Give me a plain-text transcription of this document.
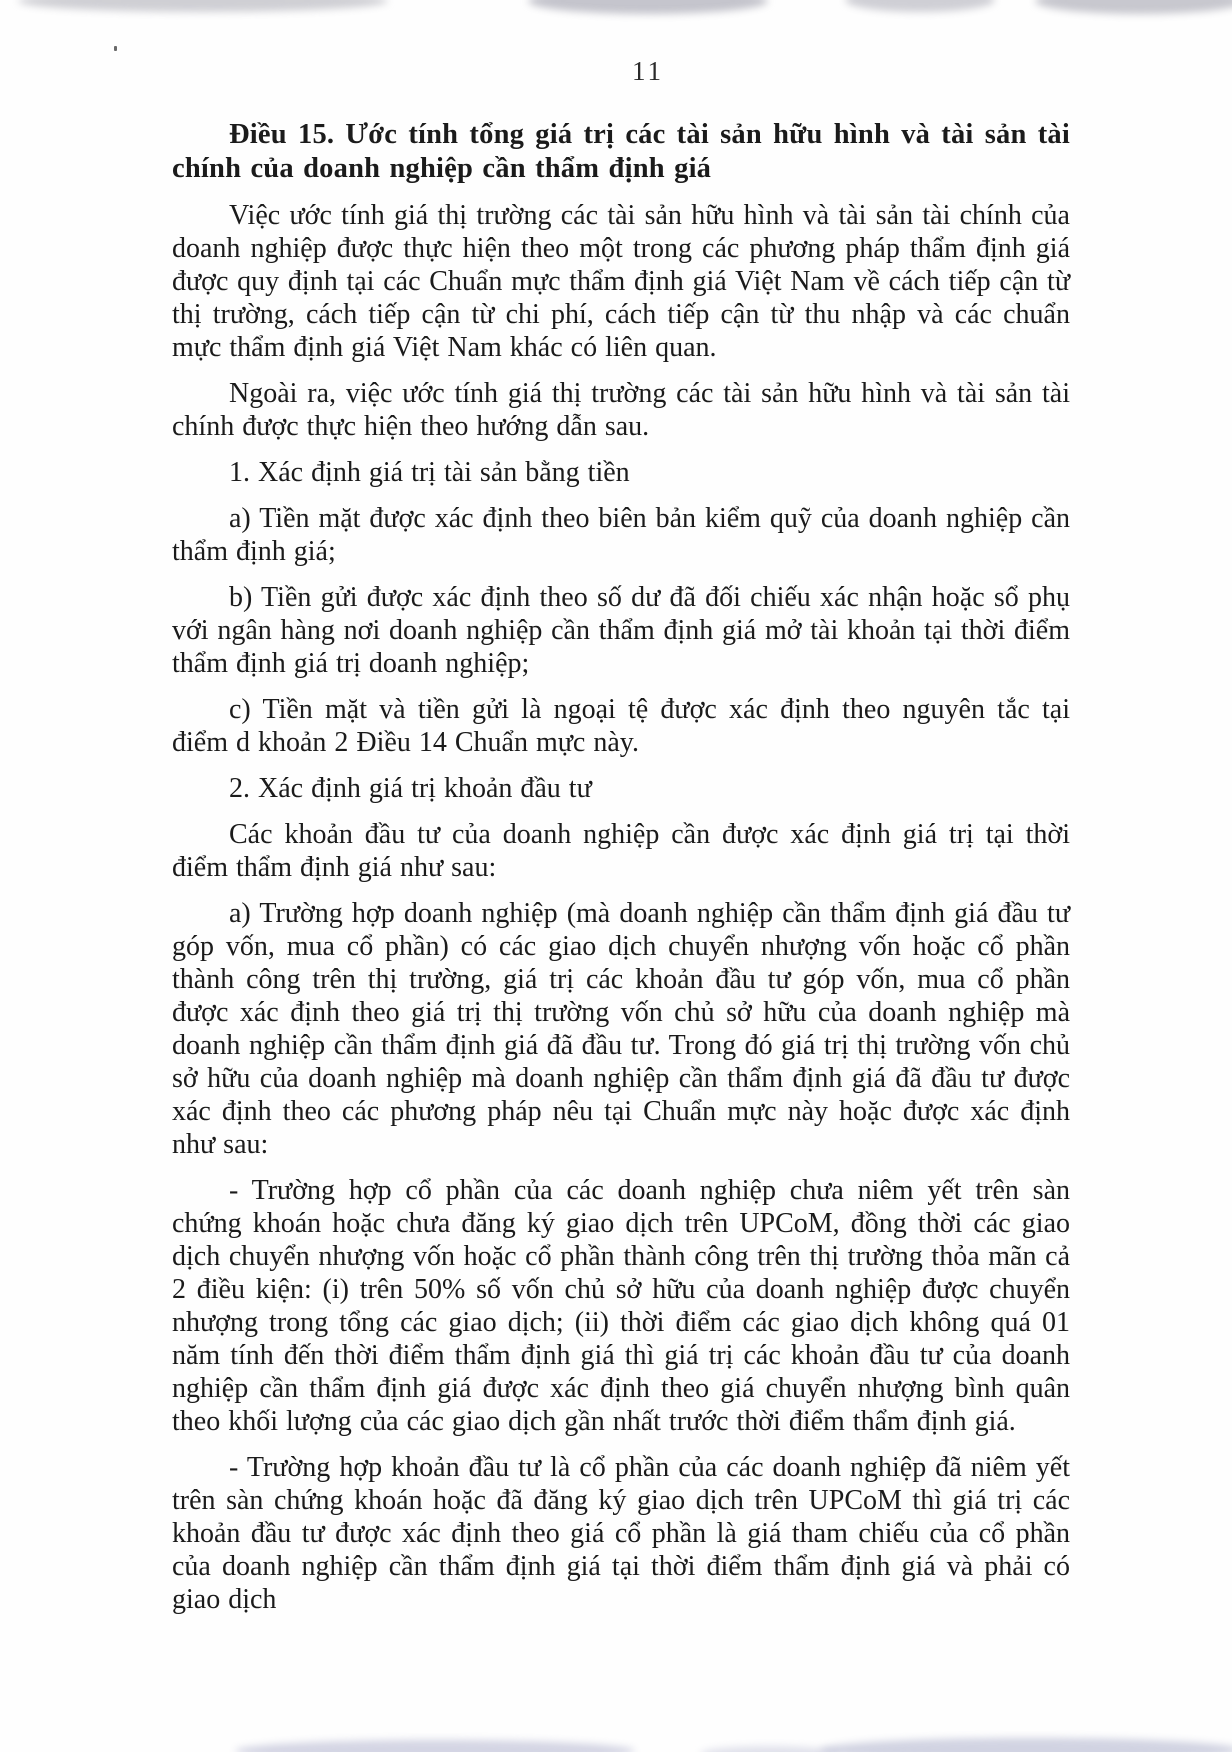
11
Điều 15. Ước tính tổng giá trị các tài sản hữu hình và tài sản tài chính của doanh nghiệp cần thẩm định giá

Việc ước tính giá thị trường các tài sản hữu hình và tài sản tài chính của doanh nghiệp được thực hiện theo một trong các phương pháp thẩm định giá được quy định tại các Chuẩn mực thẩm định giá Việt Nam về cách tiếp cận từ thị trường, cách tiếp cận từ chi phí, cách tiếp cận từ thu nhập và các chuẩn mực thẩm định giá Việt Nam khác có liên quan.

Ngoài ra, việc ước tính giá thị trường các tài sản hữu hình và tài sản tài chính được thực hiện theo hướng dẫn sau.

1. Xác định giá trị tài sản bằng tiền

a) Tiền mặt được xác định theo biên bản kiểm quỹ của doanh nghiệp cần thẩm định giá;

b) Tiền gửi được xác định theo số dư đã đối chiếu xác nhận hoặc sổ phụ với ngân hàng nơi doanh nghiệp cần thẩm định giá mở tài khoản tại thời điểm thẩm định giá trị doanh nghiệp;

c) Tiền mặt và tiền gửi là ngoại tệ được xác định theo nguyên tắc tại điểm d khoản 2 Điều 14 Chuẩn mực này.

2. Xác định giá trị khoản đầu tư

Các khoản đầu tư của doanh nghiệp cần được xác định giá trị tại thời điểm thẩm định giá như sau:

a) Trường hợp doanh nghiệp (mà doanh nghiệp cần thẩm định giá đầu tư góp vốn, mua cổ phần) có các giao dịch chuyển nhượng vốn hoặc cổ phần thành công trên thị trường, giá trị các khoản đầu tư góp vốn, mua cổ phần được xác định theo giá trị thị trường vốn chủ sở hữu của doanh nghiệp mà doanh nghiệp cần thẩm định giá đã đầu tư. Trong đó giá trị thị trường vốn chủ sở hữu của doanh nghiệp mà doanh nghiệp cần thẩm định giá đã đầu tư được xác định theo các phương pháp nêu tại Chuẩn mực này hoặc được xác định như sau:

- Trường hợp cổ phần của các doanh nghiệp chưa niêm yết trên sàn chứng khoán hoặc chưa đăng ký giao dịch trên UPCoM, đồng thời các giao dịch chuyển nhượng vốn hoặc cổ phần thành công trên thị trường thỏa mãn cả 2 điều kiện: (i) trên 50% số vốn chủ sở hữu của doanh nghiệp được chuyển nhượng trong tổng các giao dịch; (ii) thời điểm các giao dịch không quá 01 năm tính đến thời điểm thẩm định giá thì giá trị các khoản đầu tư của doanh nghiệp cần thẩm định giá được xác định theo giá chuyển nhượng bình quân theo khối lượng của các giao dịch gần nhất trước thời điểm thẩm định giá.

- Trường hợp khoản đầu tư là cổ phần của các doanh nghiệp đã niêm yết trên sàn chứng khoán hoặc đã đăng ký giao dịch trên UPCoM thì giá trị các khoản đầu tư được xác định theo giá cổ phần là giá tham chiếu của cổ phần của doanh nghiệp cần thẩm định giá tại thời điểm thẩm định giá và phải có giao dịch
